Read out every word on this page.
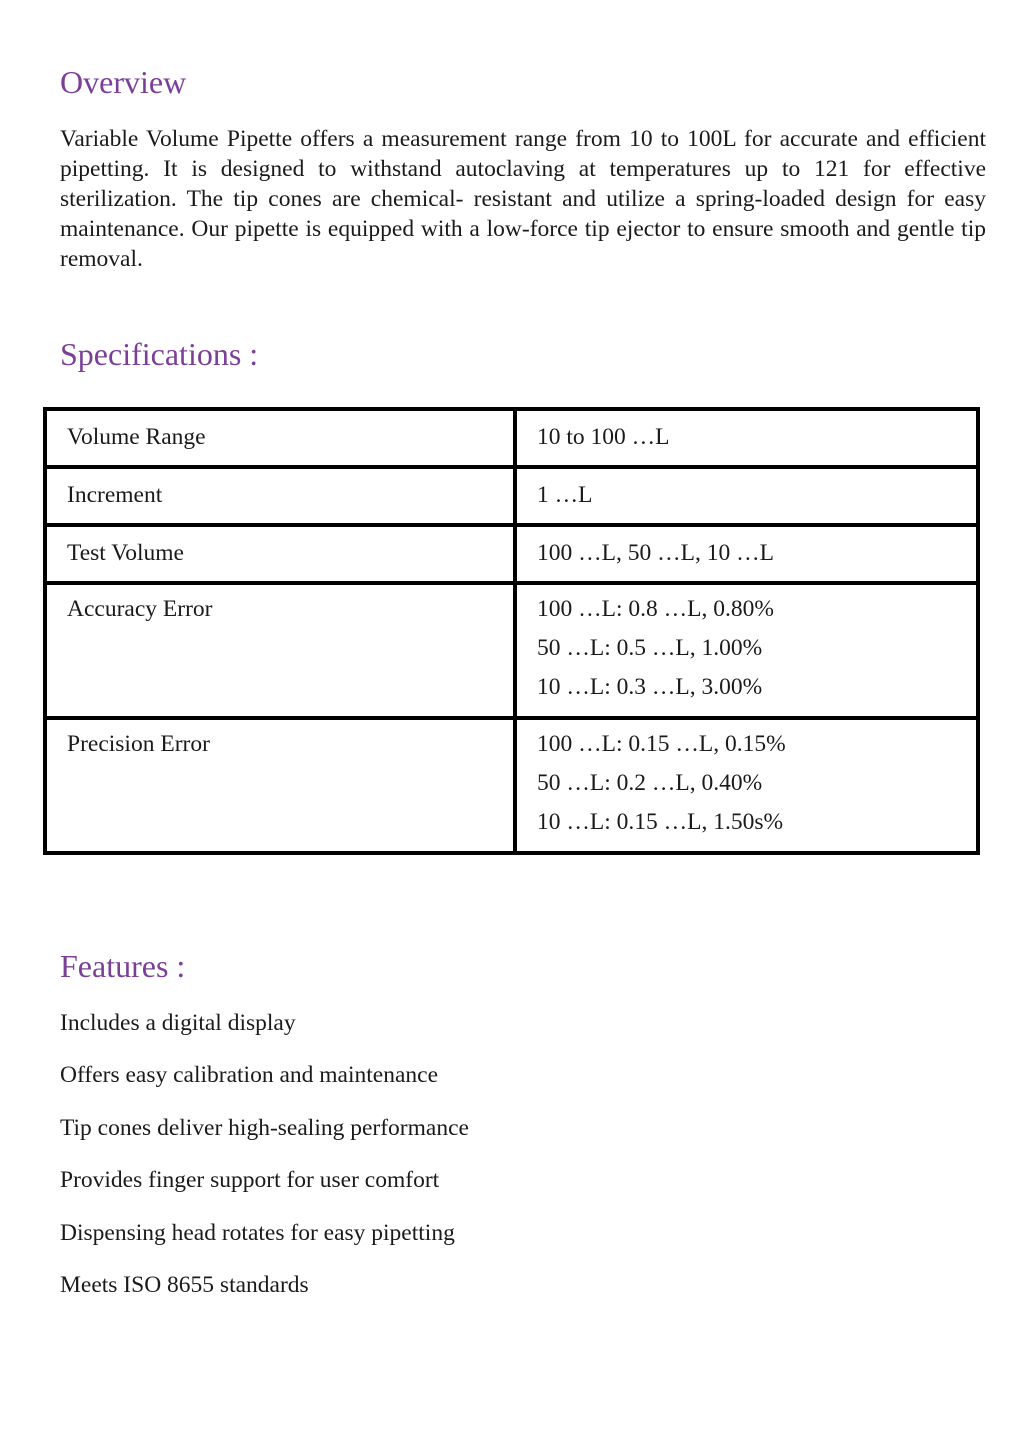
Overview

Variable Volume Pipette offers a measurement range from 10 to 100L for accurate and efficient pipetting. It is designed to withstand autoclaving at temperatures up to 121 for effective sterilization. The tip cones are chemical- resistant and utilize a spring-loaded design for easy maintenance. Our pipette is equipped with a low-force tip ejector to ensure smooth and gentle tip removal.

Specifications :
Volume Range	10 to 100 …L

Increment	1 …L

Test Volume	100 …L, 50 …L, 10 …L

Accuracy Error	100 …L: 0.8 …L, 0.80%
50 …L: 0.5 …L, 1.00%
10 …L: 0.3 …L, 3.00%

Precision Error	100 …L: 0.15 …L, 0.15%
50 …L: 0.2 …L, 0.40%
10 …L: 0.15 …L, 1.50s%
Features :
Includes a digital display
Offers easy calibration and maintenance
Tip cones deliver high-sealing performance
Provides finger support for user comfort
Dispensing head rotates for easy pipetting
Meets ISO 8655 standards
